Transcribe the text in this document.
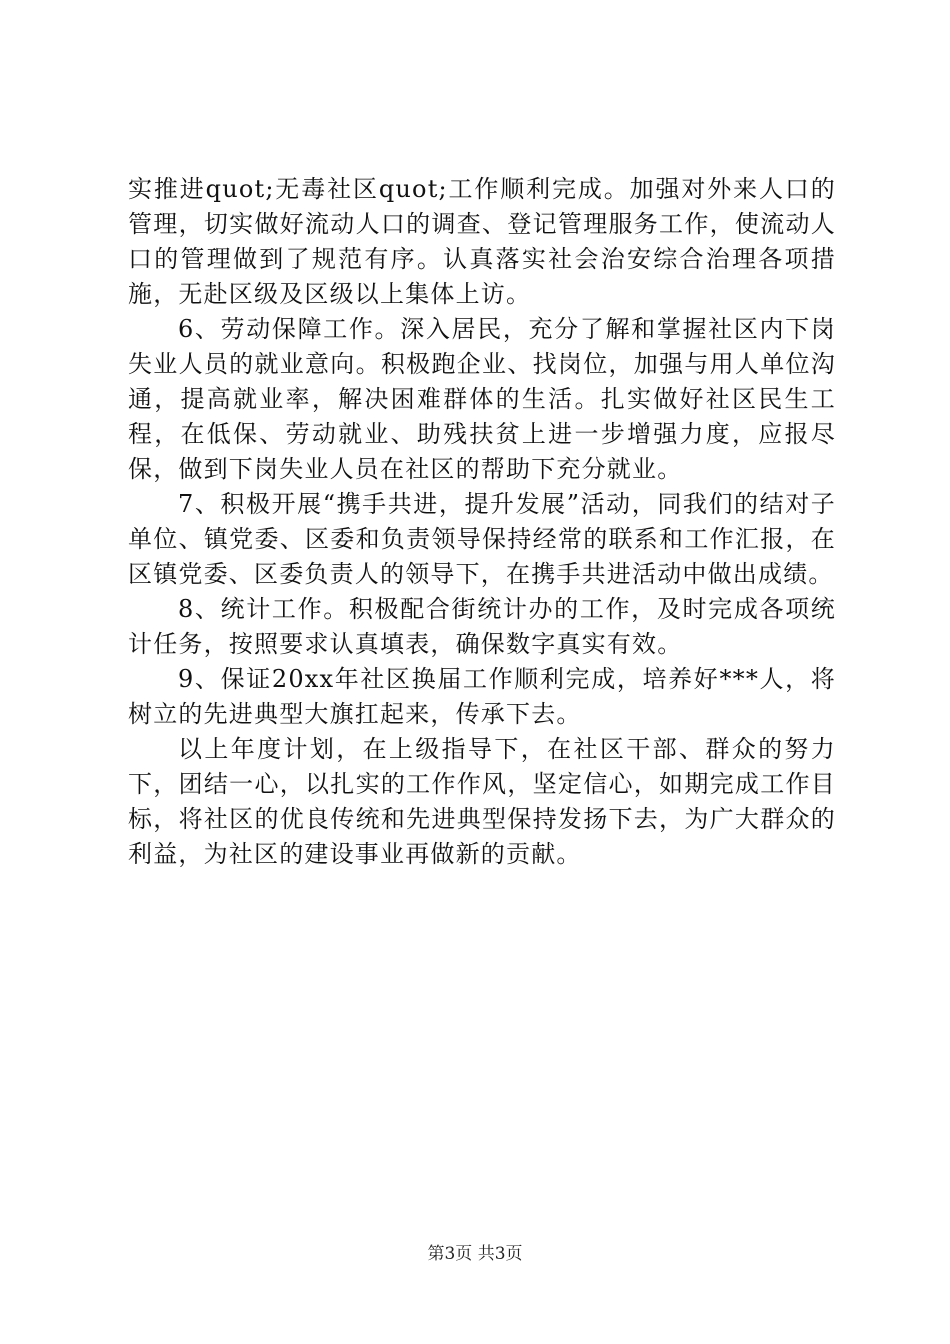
实推进quot;无毒社区quot;工作顺利完成。加强对外来人口的管理，切实做好流动人口的调查、登记管理服务工作，使流动人口的管理做到了规范有序。认真落实社会治安综合治理各项措施，无赴区级及区级以上集体上访。

6、劳动保障工作。深入居民，充分了解和掌握社区内下岗失业人员的就业意向。积极跑企业、找岗位，加强与用人单位沟通，提高就业率，解决困难群体的生活。扎实做好社区民生工程，在低保、劳动就业、助残扶贫上进一步增强力度，应报尽保，做到下岗失业人员在社区的帮助下充分就业。

7、积极开展“携手共进，提升发展”活动，同我们的结对子单位、镇党委、区委和负责领导保持经常的联系和工作汇报，在区镇党委、区委负责人的领导下，在携手共进活动中做出成绩。

8、统计工作。积极配合街统计办的工作，及时完成各项统计任务，按照要求认真填表，确保数字真实有效。

9、保证20xx年社区换届工作顺利完成，培养好***人，将树立的先进典型大旗扛起来，传承下去。

以上年度计划，在上级指导下，在社区干部、群众的努力下，团结一心，以扎实的工作作风，坚定信心，如期完成工作目标，将社区的优良传统和先进典型保持发扬下去，为广大群众的利益，为社区的建设事业再做新的贡献。

第3页 共3页
